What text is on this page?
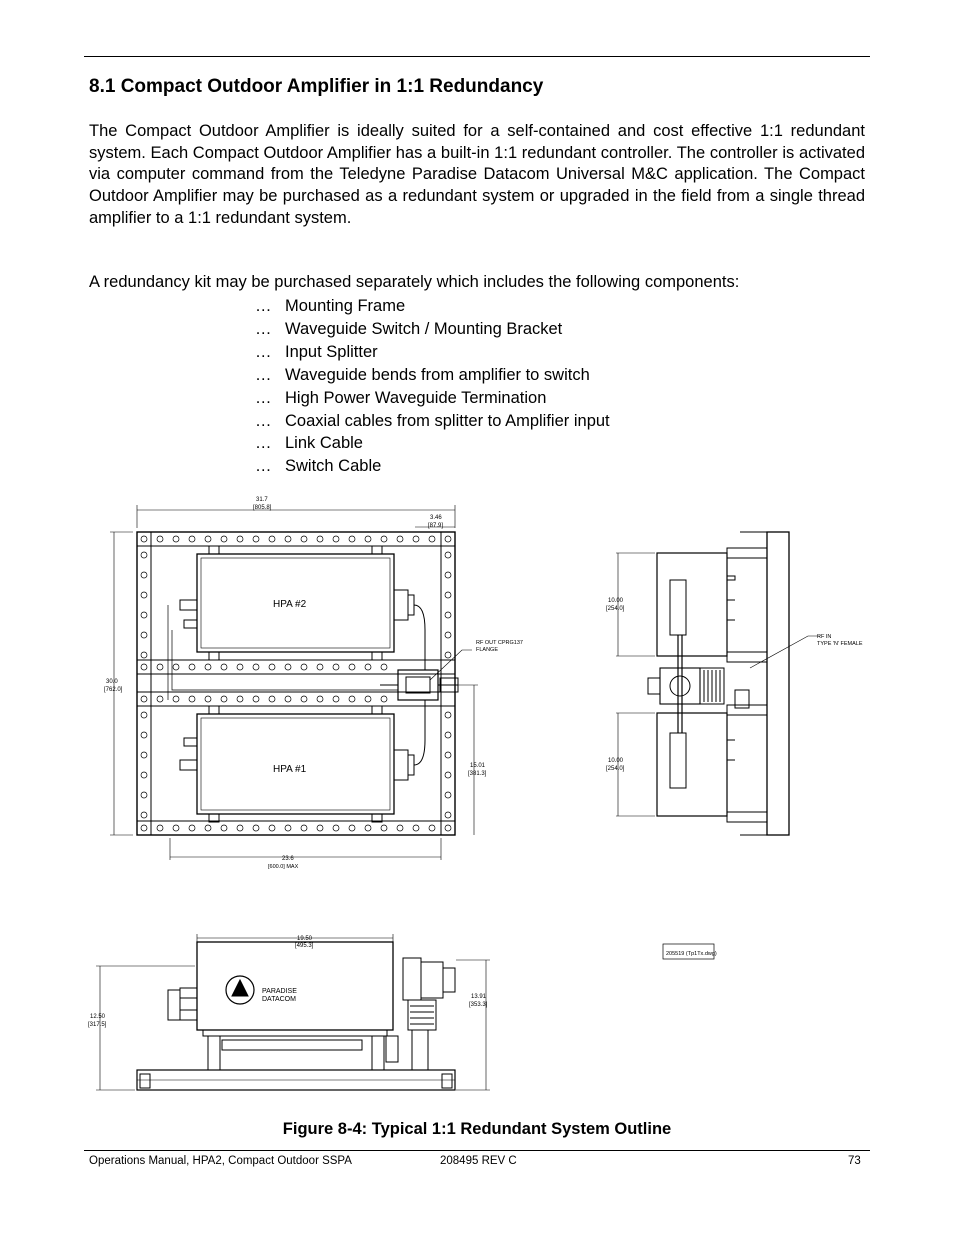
8.1 Compact Outdoor Amplifier in 1:1 Redundancy

The Compact Outdoor Amplifier is ideally suited for a self-contained and cost effective 1:1 redundant system. Each Compact Outdoor Amplifier has a built-in 1:1 redundant controller. The controller is activated via computer command from the Teledyne Paradise Datacom Universal M&C application. The Compact Outdoor Amplifier may be purchased as a redundant system or upgraded in the field from a single thread amplifier to a 1:1 redundant system.

A redundancy kit may be purchased separately which includes the following components:

… Mounting Frame
… Waveguide Switch / Mounting Bracket
… Input Splitter
… Waveguide bends from amplifier to switch
… High Power Waveguide Termination
… Coaxial cables from splitter to Amplifier input
… Link Cable
… Switch Cable
HPA #2
HPA #1
31.7
[805.8]
3.46
[87.9]
30.0
[762.0]
RF OUT CPRG137
FLANGE
15.01
[381.3]
23.6
[600.0] MAX
10.00
[254.0]
10.00
[254.0]
RF IN
TYPE 'N' FEMALE
19.50
[495.3]
12.50
[317.5]
13.91
[353.3]
PARADISE
DATACOM
205519 (Tp1Tx.dwg)
Figure 8-4: Typical 1:1 Redundant System Outline
Operations Manual, HPA2, Compact Outdoor SSPA	208495 REV C	73
